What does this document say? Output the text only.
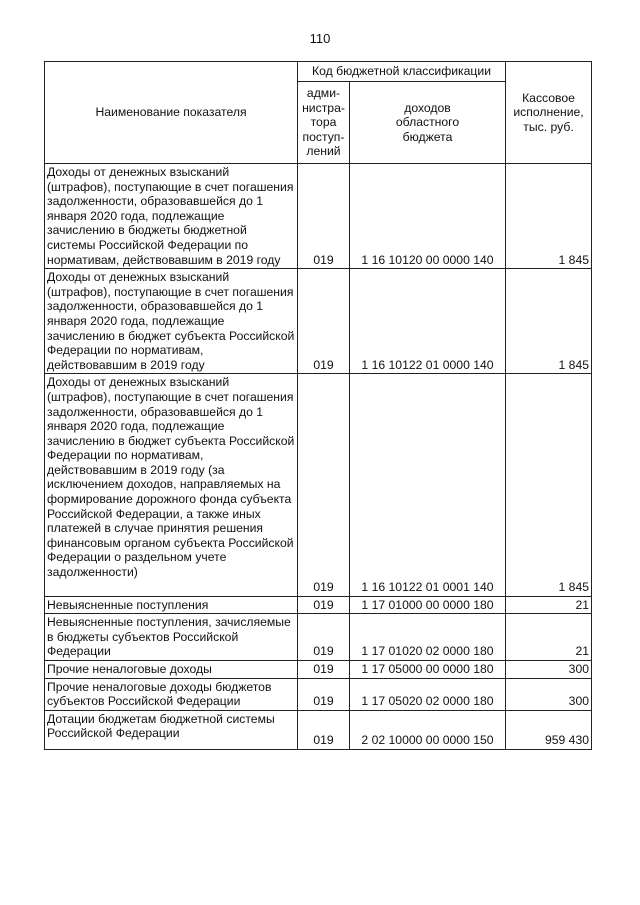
110
Наименование показателя	Код бюджетной классификации		Кассовое исполнение, тыс. руб.
	адми-нистра-тора поступ-лений	доходов областного бюджета	
Доходы от денежных взысканий (штрафов), поступающие в счет погашения задолженности, образовавшейся до 1 января 2020 года, подлежащие зачислению в бюджеты бюджетной системы Российской Федерации по нормативам, действовавшим в 2019 году	019	1 16 10120 00 0000 140	1 845
Доходы от денежных взысканий (штрафов), поступающие в счет погашения задолженности, образовавшейся до 1 января 2020 года, подлежащие зачислению в бюджет субъекта Российской Федерации по нормативам, действовавшим в 2019 году	019	1 16 10122 01 0000 140	1 845
Доходы от денежных взысканий (штрафов), поступающие в счет погашения задолженности, образовавшейся до 1 января 2020 года, подлежащие зачислению в бюджет субъекта Российской Федерации по нормативам, действовавшим в 2019 году (за исключением доходов, направляемых на формирование дорожного фонда субъекта Российской Федерации, а также иных платежей в случае принятия решения финансовым органом субъекта Российской Федерации о раздельном учете задолженности)	019	1 16 10122 01 0001 140	1 845
Невыясненные поступления	019	1 17 01000 00 0000 180	21
Невыясненные поступления, зачисляемые в бюджеты субъектов Российской Федерации	019	1 17 01020 02 0000 180	21
Прочие неналоговые доходы	019	1 17 05000 00 0000 180	300
Прочие неналоговые доходы бюджетов субъектов Российской Федерации	019	1 17 05020 02 0000 180	300
Дотации бюджетам бюджетной системы Российской Федерации	019	2 02 10000 00 0000 150	959 430
